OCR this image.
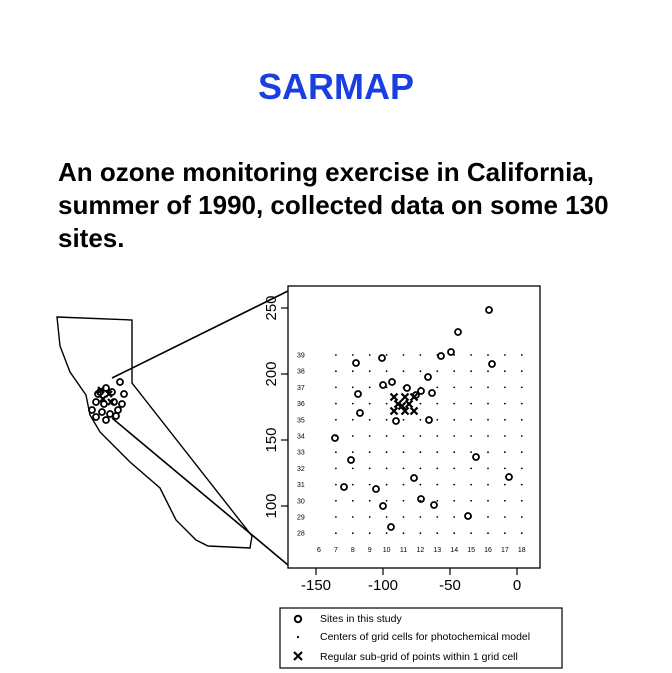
SARMAP
An ozone monitoring exercise in California, summer of 1990, collected data on some 130 sites.
100
150
200
250
-150 -100	-50	0
6 7 8 9 10 11 12 13 14 15 16 17 18
39
38
37
36
35
34
33
32
31
30
29
28
Sites in this study
Centers of grid cells for photochemical model
Regular sub-grid of points within 1 grid cell
